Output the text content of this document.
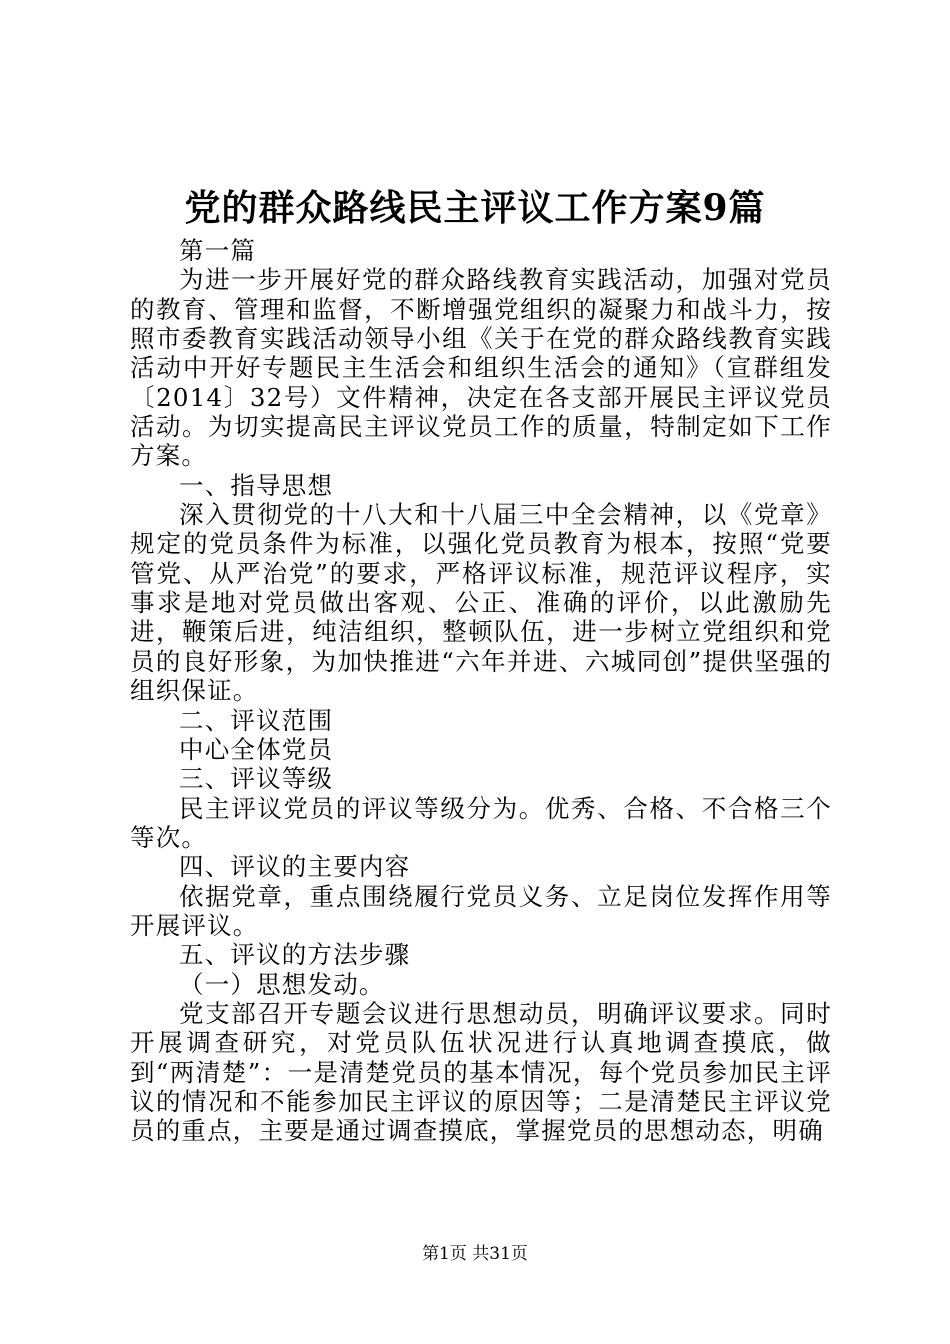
党的群众路线民主评议工作方案9篇

第一篇

为进一步开展好党的群众路线教育实践活动，加强对党员的教育、管理和监督，不断增强党组织的凝聚力和战斗力，按照市委教育实践活动领导小组《关于在党的群众路线教育实践活动中开好专题民主生活会和组织生活会的通知》（宣群组发〔2014〕32号）文件精神，决定在各支部开展民主评议党员活动。为切实提高民主评议党员工作的质量，特制定如下工作方案。

一、指导思想

深入贯彻党的十八大和十八届三中全会精神，以《党章》规定的党员条件为标准，以强化党员教育为根本，按照“党要管党、从严治党”的要求，严格评议标准，规范评议程序，实事求是地对党员做出客观、公正、准确的评价，以此激励先进，鞭策后进，纯洁组织，整顿队伍，进一步树立党组织和党员的良好形象，为加快推进“六年并进、六城同创”提供坚强的组织保证。

二、评议范围

中心全体党员

三、评议等级

民主评议党员的评议等级分为。优秀、合格、不合格三个等次。

四、评议的主要内容

依据党章，重点围绕履行党员义务、立足岗位发挥作用等开展评议。

五、评议的方法步骤

（一）思想发动。

党支部召开专题会议进行思想动员，明确评议要求。同时开展调查研究，对党员队伍状况进行认真地调查摸底，做到“两清楚”：一是清楚党员的基本情况，每个党员参加民主评议的情况和不能参加民主评议的原因等；二是清楚民主评议党员的重点，主要是通过调查摸底，掌握党员的思想动态，明确

第1页 共31页
